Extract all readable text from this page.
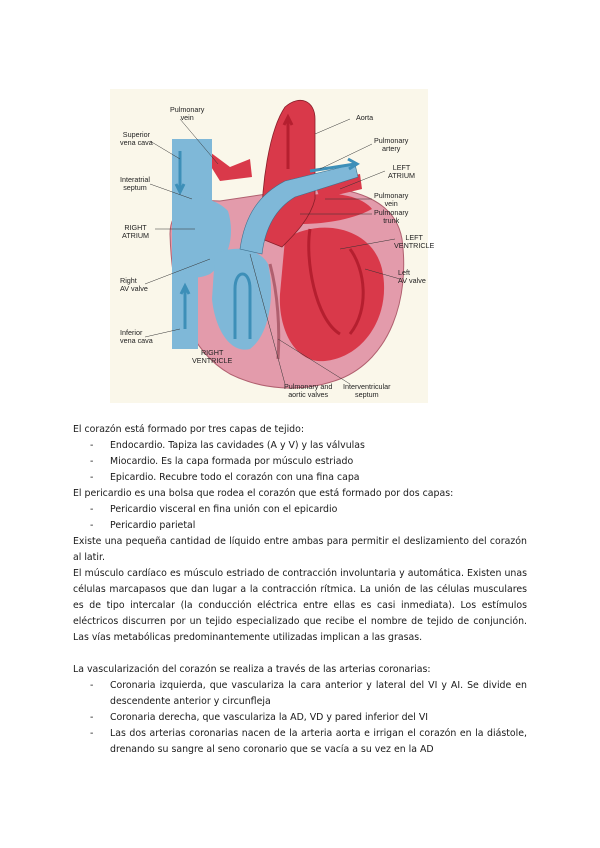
Pulmonary
vein
Superior
vena cava
Interatrial
septum
RIGHT
ATRIUM
Right
AV valve
Inferior
vena cava
RIGHT
VENTRICLE
Pulmonary and
aortic valves
Interventricular
septum
Aorta
Pulmonary
artery
LEFT
ATRIUM
Pulmonary
vein
Pulmonary
trunk
LEFT
VENTRICLE
Left
AV valve

El corazón está formado por tres capas de tejido:

- Endocardio. Tapiza las cavidades (A y V) y las válvulas
- Miocardio. Es la capa formada por músculo estriado
- Epicardio. Recubre todo el corazón con una fina capa

El pericardio es una bolsa que rodea el corazón que está formado por dos capas:

- Pericardio visceral en fina unión con el epicardio
- Pericardio parietal

Existe una pequeña cantidad de líquido entre ambas para permitir el deslizamiento del corazón al latir.

El músculo cardíaco es músculo estriado de contracción involuntaria y automática. Existen unas células marcapasos que dan lugar a la contracción rítmica. La unión de las células musculares es de tipo intercalar (la conducción eléctrica entre ellas es casi inmediata). Los estímulos eléctricos discurren por un tejido especializado que recibe el nombre de tejido de conjunción. Las vías metabólicas predominantemente utilizadas implican a las grasas.

La vascularización del corazón se realiza a través de las arterias coronarias:

- Coronaria izquierda, que vasculariza la cara anterior y lateral del VI y AI. Se divide en descendente anterior y circunfleja
- Coronaria derecha, que vasculariza la AD, VD y pared inferior del VI
- Las dos arterias coronarias nacen de la arteria aorta e irrigan el corazón en la diástole, drenando su sangre al seno coronario que se vacía a su vez en la AD
